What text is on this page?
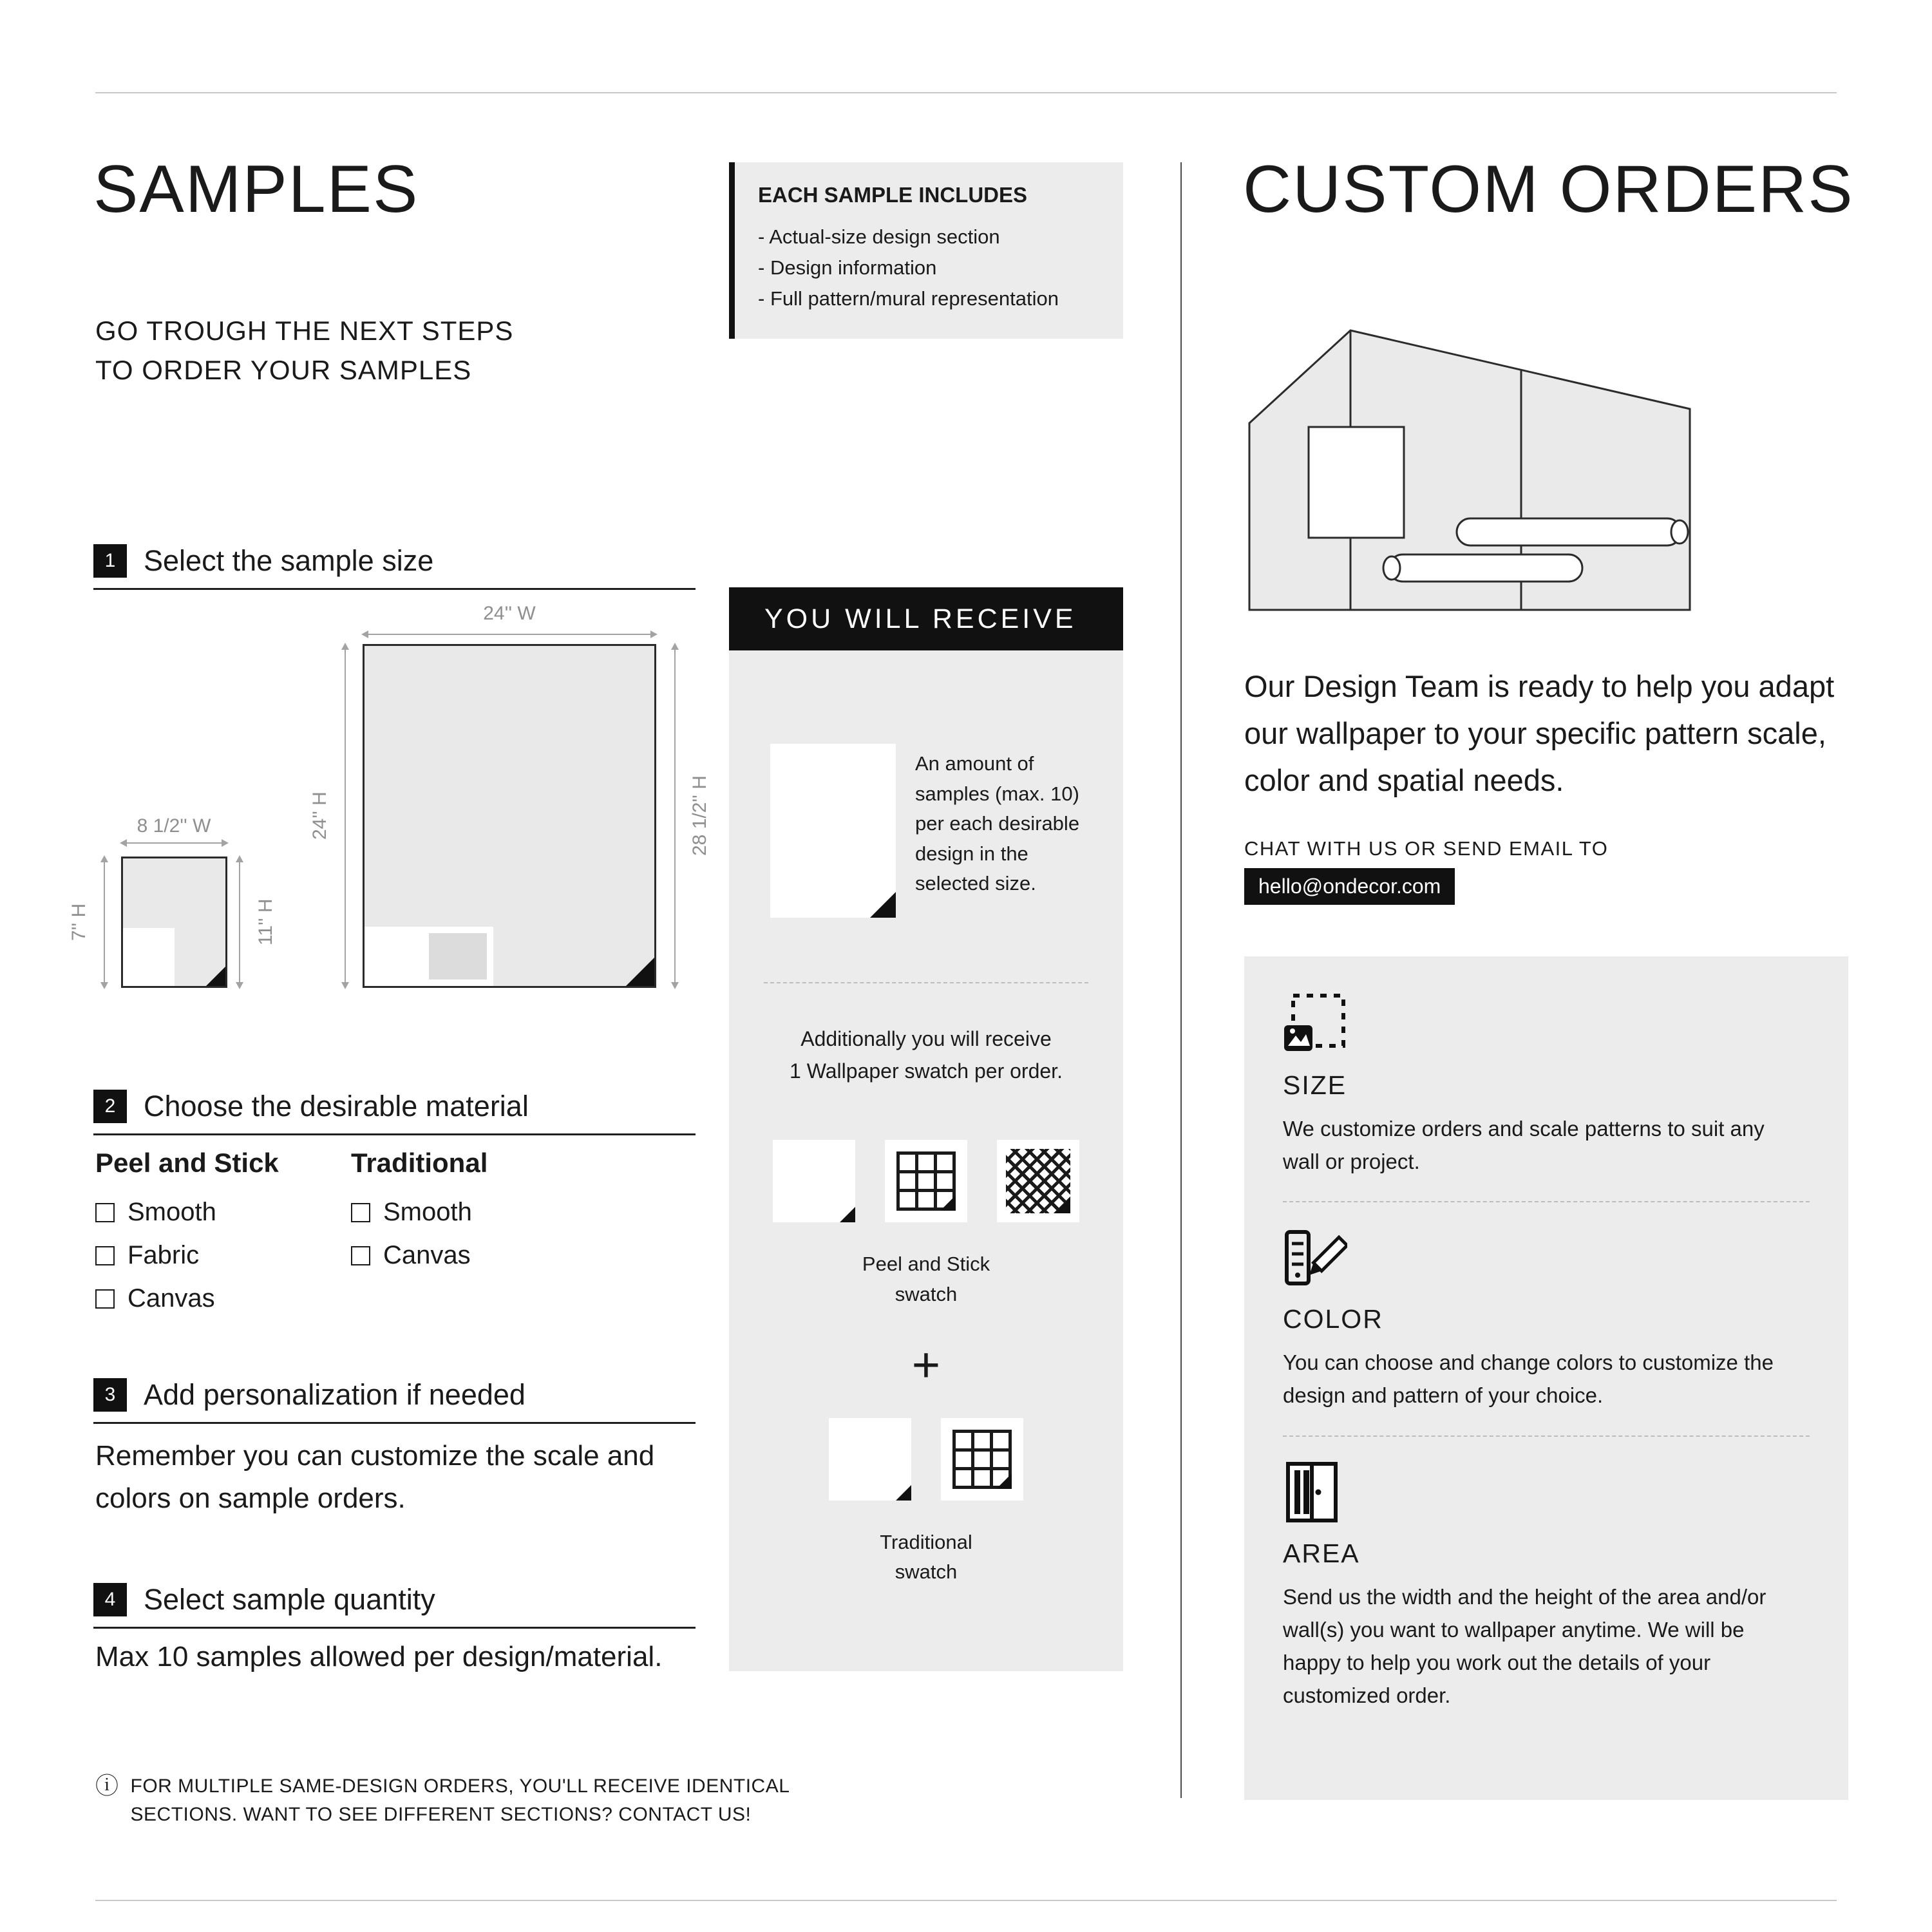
SAMPLES
GO TROUGH THE NEXT STEPS
TO ORDER YOUR SAMPLES
1 Select the sample size
24'' W
24'' H	28 1/2'' H
8 1/2'' W
7'' H	11'' H
2 Choose the desirable material
Peel and Stick
Smooth
Fabric
Canvas
Traditional
Smooth
Canvas
3 Add personalization if needed
Remember you can customize the scale and colors on sample orders.
4 Select sample quantity
Max 10 samples allowed per design/material.
ⓘ FOR MULTIPLE SAME-DESIGN ORDERS, YOU'LL RECEIVE IDENTICAL
SECTIONS. WANT TO SEE DIFFERENT SECTIONS? CONTACT US!
EACH SAMPLE INCLUDES
- Actual-size design section
- Design information
- Full pattern/mural representation
YOU WILL RECEIVE
An amount of samples (max. 10) per each desirable design in the selected size.
Additionally you will receive
1 Wallpaper swatch per order.
Peel and Stick
swatch
+
Traditional
swatch
CUSTOM ORDERS
Our Design Team is ready to help you adapt our wallpaper to your specific pattern scale, color and spatial needs.
CHAT WITH US OR SEND EMAIL TO
hello@ondecor.com
SIZE
We customize orders and scale patterns to suit any wall or project.
COLOR
You can choose and change colors to customize the design and pattern of your choice.
AREA
Send us the width and the height of the area and/or wall(s) you want to wallpaper anytime. We will be happy to help you work out the details of your customized order.
